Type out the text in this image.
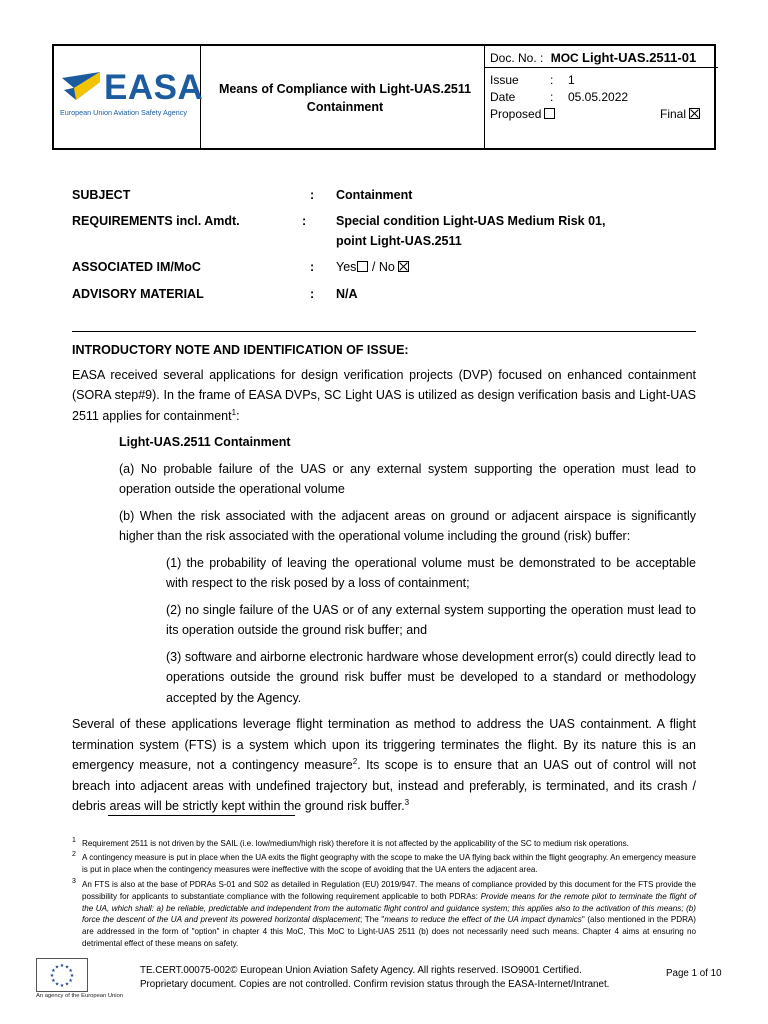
EASA
European Union Aviation Safety Agency
Means of Compliance with Light-UAS.2511
Containment
Doc. No. : MOC Light-UAS.2511-01
Issue	: 1
Date	: 05.05.2022
Proposed	Final
SUBJECT	: Containment
REQUIREMENTS incl. Amdt.	: Special condition Light-UAS Medium Risk 01,
point Light-UAS.2511
ASSOCIATED IM/MoC	: Yes / No
ADVISORY MATERIAL	: N/A

INTRODUCTORY NOTE AND IDENTIFICATION OF ISSUE:

EASA received several applications for design verification projects (DVP) focused on enhanced containment (SORA step#9). In the frame of EASA DVPs, SC Light UAS is utilized as design verification basis and Light-UAS 2511 applies for containment$^1$:

Light-UAS.2511 Containment

(a) No probable failure of the UAS or any external system supporting the operation must lead to operation outside the operational volume

(b) When the risk associated with the adjacent areas on ground or adjacent airspace is significantly higher than the risk associated with the operational volume including the ground (risk) buffer:

(1) the probability of leaving the operational volume must be demonstrated to be acceptable with respect to the risk posed by a loss of containment;

(2) no single failure of the UAS or of any external system supporting the operation must lead to its operation outside the ground risk buffer; and

(3) software and airborne electronic hardware whose development error(s) could directly lead to operations outside the ground risk buffer must be developed to a standard or methodology accepted by the Agency.

Several of these applications leverage flight termination as method to address the UAS containment. A flight termination system (FTS) is a system which upon its triggering terminates the flight. By its nature this is an emergency measure, not a contingency measure$^2$. Its scope is to ensure that an UAS out of control will not breach into adjacent areas with undefined trajectory but, instead and preferably, is terminated, and its crash / debris areas will be strictly kept within the ground risk buffer.$^3$

1 Requirement 2511 is not driven by the SAIL (i.e. low/medium/high risk) therefore it is not affected by the applicability of the SC to medium risk operations.
2 A contingency measure is put in place when the UA exits the flight geography with the scope to make the UA flying back within the flight geography. An emergency measure is put in place when the contingency measures were ineffective with the scope of avoiding that the UA enters the adjacent area.
3 An FTS is also at the base of PDRAs S-01 and S02 as detailed in Regulation (EU) 2019/947. The means of compliance provided by this document for the FTS provide the possibility for applicants to substantiate compliance with the following requirement applicable to both PDRAs: Provide means for the remote pilot to terminate the flight of the UA, which shall: a) be reliable, predictable and independent from the automatic flight control and guidance system; this applies also to the activation of this means; (b) force the descent of the UA and prevent its powered horizontal displacement; The "means to reduce the effect of the UA impact dynamics" (also mentioned in the PDRA) are addressed in the form of "option" in chapter 4 this MoC, This MoC to Light-UAS 2511 (b) does not necessarily need such means. Chapter 4 aims at ensuring no detrimental effect of these means on safety.
★
★
★
★
★
★
★
★
★ ★ ★
★
An agency of the European Union
TE.CERT.00075-002© European Union Aviation Safety Agency. All rights reserved. ISO9001 Certified.
Proprietary document. Copies are not controlled. Confirm revision status through the EASA-Internet/Intranet.
Page 1 of 10
